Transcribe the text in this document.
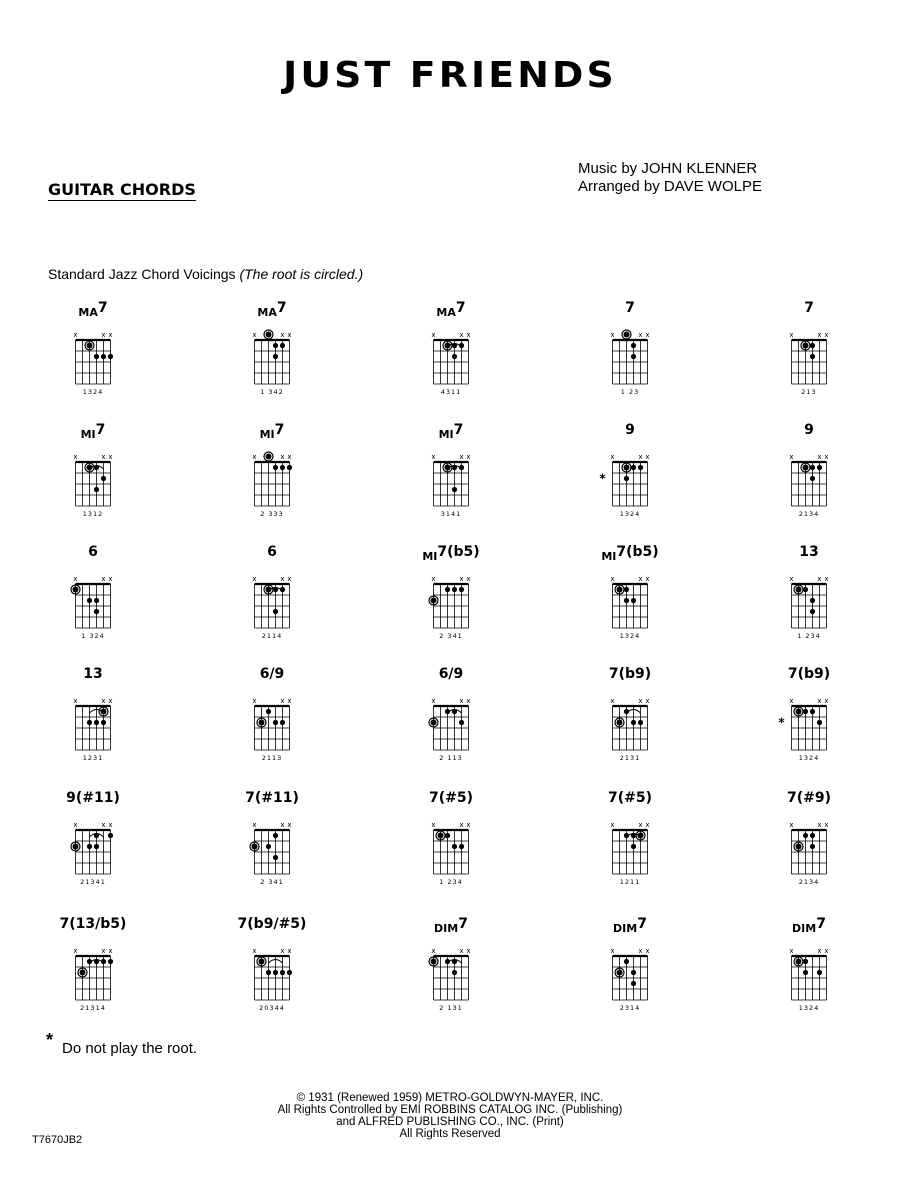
JUST FRIENDS
GUITAR CHORDS
Music by JOHN KLENNER
Arranged by DAVE WOLPE
Standard Jazz Chord Voicings (The root is circled.)
MA7
x	x x
1324
MA7
x	x x
1 342
MA7
x	x x
4311
7
x	x x
1 23
7
x	x x
213
MI7
x	x x
1312
MI7
x	x x
2 333
MI7
x	x x
3141
9
x	x x
*
1324
9
x	x x
2134
6
x	x x
1 324
6
x	x x
2114
MI7(b5)
x	x x
2 341
MI7(b5)
x	x x
1324
13
x	x x
1 234
13
x	x x
1231
6/9
x	x x
2113
6/9
x	x x
2 113
7(b9)
x	x x
2131
7(b9)
x	x x
*
1324
9(#11)
x	x x
21341
7(#11)
x	x x
2 341
7(#5)
x	x x
1 234
7(#5)
x	x x
1211
7(#9)
x	x x
2134
7(13/b5)
x	x x
21314
7(b9/#5)
x	x x
20344
DIM7
x	x x
2 131
DIM7
x	x x
2314
DIM7
x	x x
1324
* Do not play the root.
© 1931 (Renewed 1959) METRO-GOLDWYN-MAYER, INC.
All Rights Controlled by EMI ROBBINS CATALOG INC. (Publishing)
and ALFRED PUBLISHING CO., INC. (Print)
All Rights Reserved
T7670JB2
